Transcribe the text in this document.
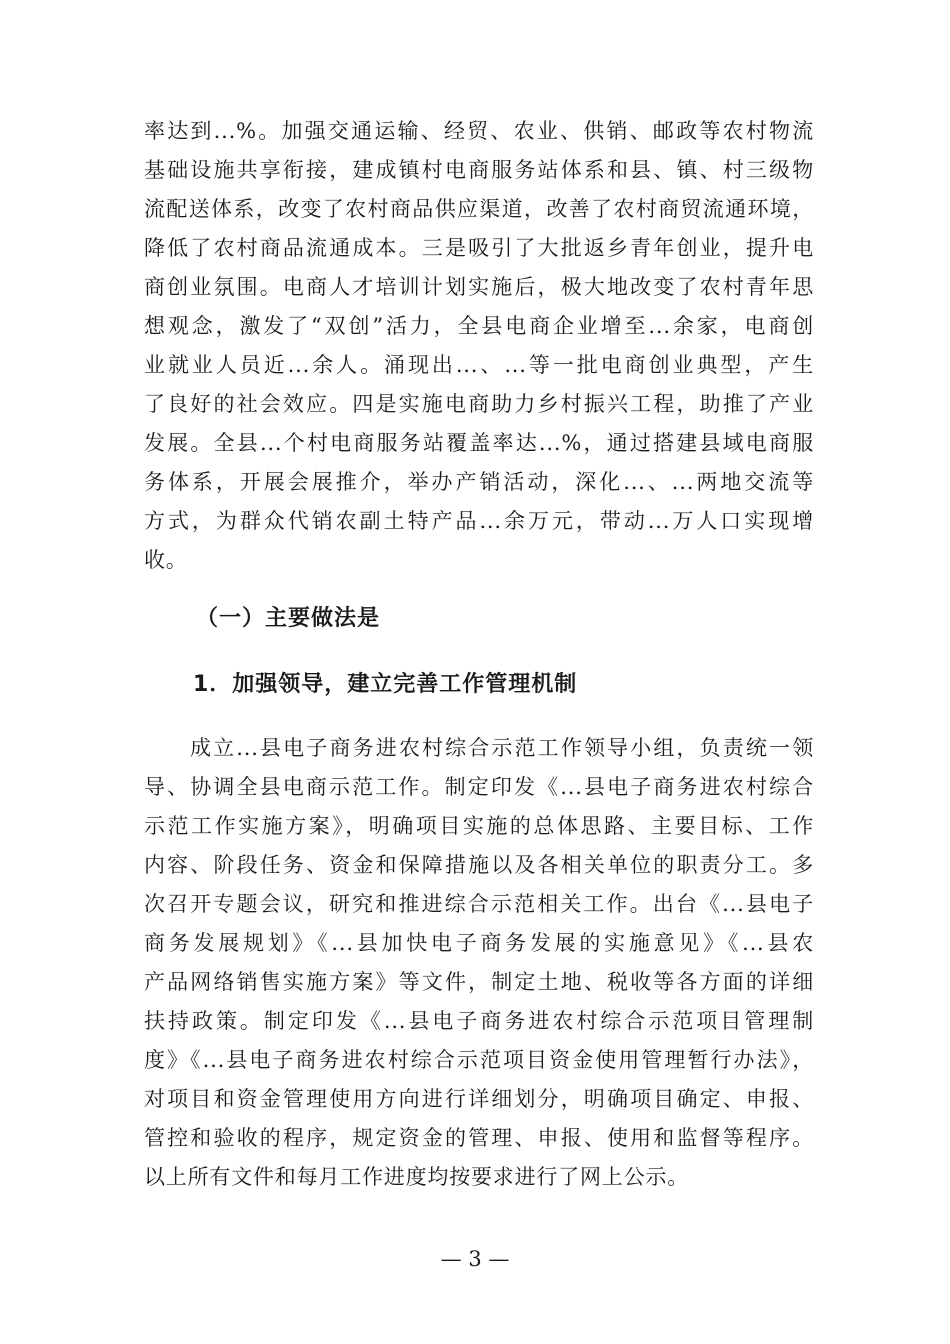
率达到...%。加强交通运输、经贸、农业、供销、邮政等农村物流
基础设施共享衔接，建成镇村电商服务站体系和县、镇、村三级物
流配送体系，改变了农村商品供应渠道，改善了农村商贸流通环境，
降低了农村商品流通成本。三是吸引了大批返乡青年创业，提升电
商创业氛围。电商人才培训计划实施后，极大地改变了农村青年思
想观念，激发了“双创”活力，全县电商企业增至...余家，电商创
业就业人员近...余人。涌现出...、...等一批电商创业典型，产生
了良好的社会效应。四是实施电商助力乡村振兴工程，助推了产业
发展。全县...个村电商服务站覆盖率达...%，通过搭建县域电商服
务体系，开展会展推介，举办产销活动，深化...、...两地交流等
方式，为群众代销农副土特产品...余万元，带动...万人口实现增
收。
（一）主要做法是
1．加强领导，建立完善工作管理机制
成立...县电子商务进农村综合示范工作领导小组，负责统一领
导、协调全县电商示范工作。制定印发《...县电子商务进农村综合
示范工作实施方案》，明确项目实施的总体思路、主要目标、工作
内容、阶段任务、资金和保障措施以及各相关单位的职责分工。多
次召开专题会议，研究和推进综合示范相关工作。出台《...县电子
商务发展规划》《...县加快电子商务发展的实施意见》《...县农
产品网络销售实施方案》等文件，制定土地、税收等各方面的详细
扶持政策。制定印发《...县电子商务进农村综合示范项目管理制
度》《...县电子商务进农村综合示范项目资金使用管理暂行办法》，
对项目和资金管理使用方向进行详细划分，明确项目确定、申报、
管控和验收的程序，规定资金的管理、申报、使用和监督等程序。
以上所有文件和每月工作进度均按要求进行了网上公示。
— 3 —
